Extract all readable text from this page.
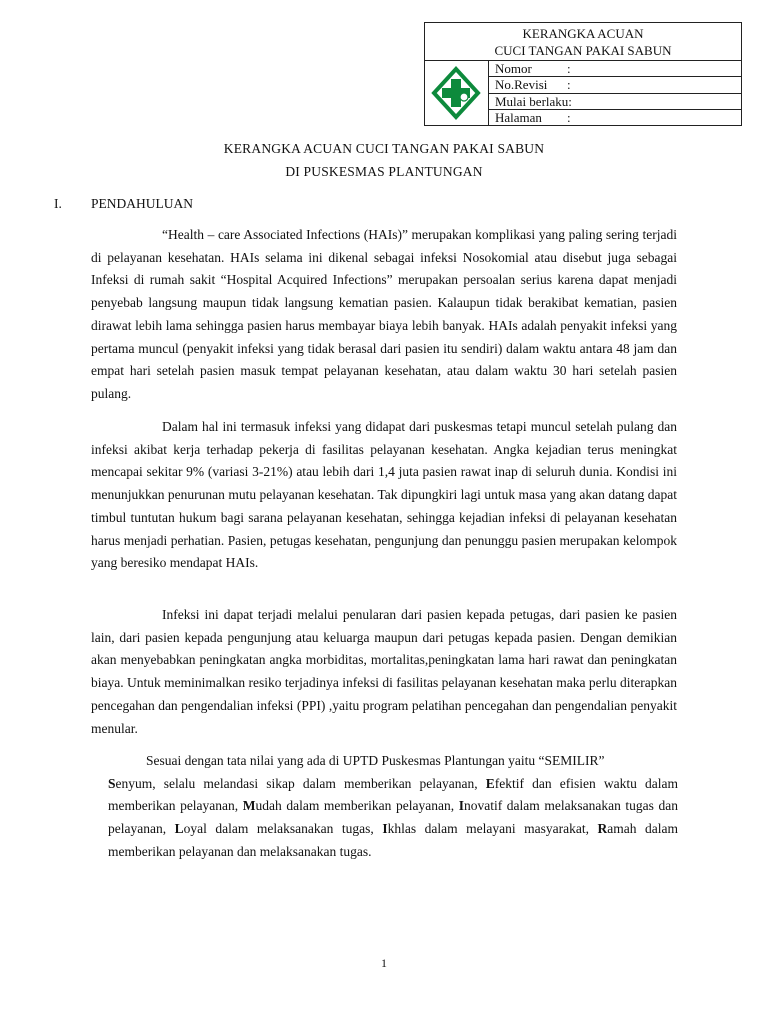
KERANGKA ACUAN
CUCI TANGAN PAKAI SABUN
Nomor	:
No.Revisi :
Mulai berlaku:
Halaman :
KERANGKA ACUAN CUCI TANGAN PAKAI SABUN
DI PUSKESMAS PLANTUNGAN
I. PENDAHULUAN

“Health – care Associated Infections (HAIs)” merupakan komplikasi yang paling sering terjadi di pelayanan kesehatan. HAIs selama ini dikenal sebagai infeksi Nosokomial atau disebut juga sebagai Infeksi di rumah sakit “Hospital Acquired Infections” merupakan persoalan serius karena dapat menjadi penyebab langsung maupun tidak langsung kematian pasien. Kalaupun tidak berakibat kematian, pasien dirawat lebih lama sehingga pasien harus membayar biaya lebih banyak. HAIs adalah penyakit infeksi yang pertama muncul (penyakit infeksi yang tidak berasal dari pasien itu sendiri) dalam waktu antara 48 jam dan empat hari setelah pasien masuk tempat pelayanan kesehatan, atau dalam waktu 30 hari setelah pasien pulang.

Dalam hal ini termasuk infeksi yang didapat dari puskesmas tetapi muncul setelah pulang dan infeksi akibat kerja terhadap pekerja di fasilitas pelayanan kesehatan. Angka kejadian terus meningkat mencapai sekitar 9% (variasi 3-21%) atau lebih dari 1,4 juta pasien rawat inap di seluruh dunia. Kondisi ini menunjukkan penurunan mutu pelayanan kesehatan. Tak dipungkiri lagi untuk masa yang akan datang dapat timbul tuntutan hukum bagi sarana pelayanan kesehatan, sehingga kejadian infeksi di pelayanan kesehatan harus menjadi perhatian. Pasien, petugas kesehatan, pengunjung dan penunggu pasien merupakan kelompok yang beresiko mendapat HAIs.

Infeksi ini dapat terjadi melalui penularan dari pasien kepada petugas, dari pasien ke pasien lain, dari pasien kepada pengunjung atau keluarga maupun dari petugas kepada pasien. Dengan demikian akan menyebabkan peningkatan angka morbiditas, mortalitas,peningkatan lama hari rawat dan peningkatan biaya. Untuk meminimalkan resiko terjadinya infeksi di fasilitas pelayanan kesehatan maka perlu diterapkan pencegahan dan pengendalian infeksi (PPI) ,yaitu program pelatihan pencegahan dan pengendalian penyakit menular.

Sesuai dengan tata nilai yang ada di UPTD Puskesmas Plantungan yaitu “SEMILIR”
Senyum, selalu melandasi sikap dalam memberikan pelayanan, Efektif dan efisien waktu dalam memberikan pelayanan, Mudah dalam memberikan pelayanan, Inovatif dalam melaksanakan tugas dan pelayanan, Loyal dalam melaksanakan tugas, Ikhlas dalam melayani masyarakat, Ramah dalam memberikan pelayanan dan melaksanakan tugas.

1
